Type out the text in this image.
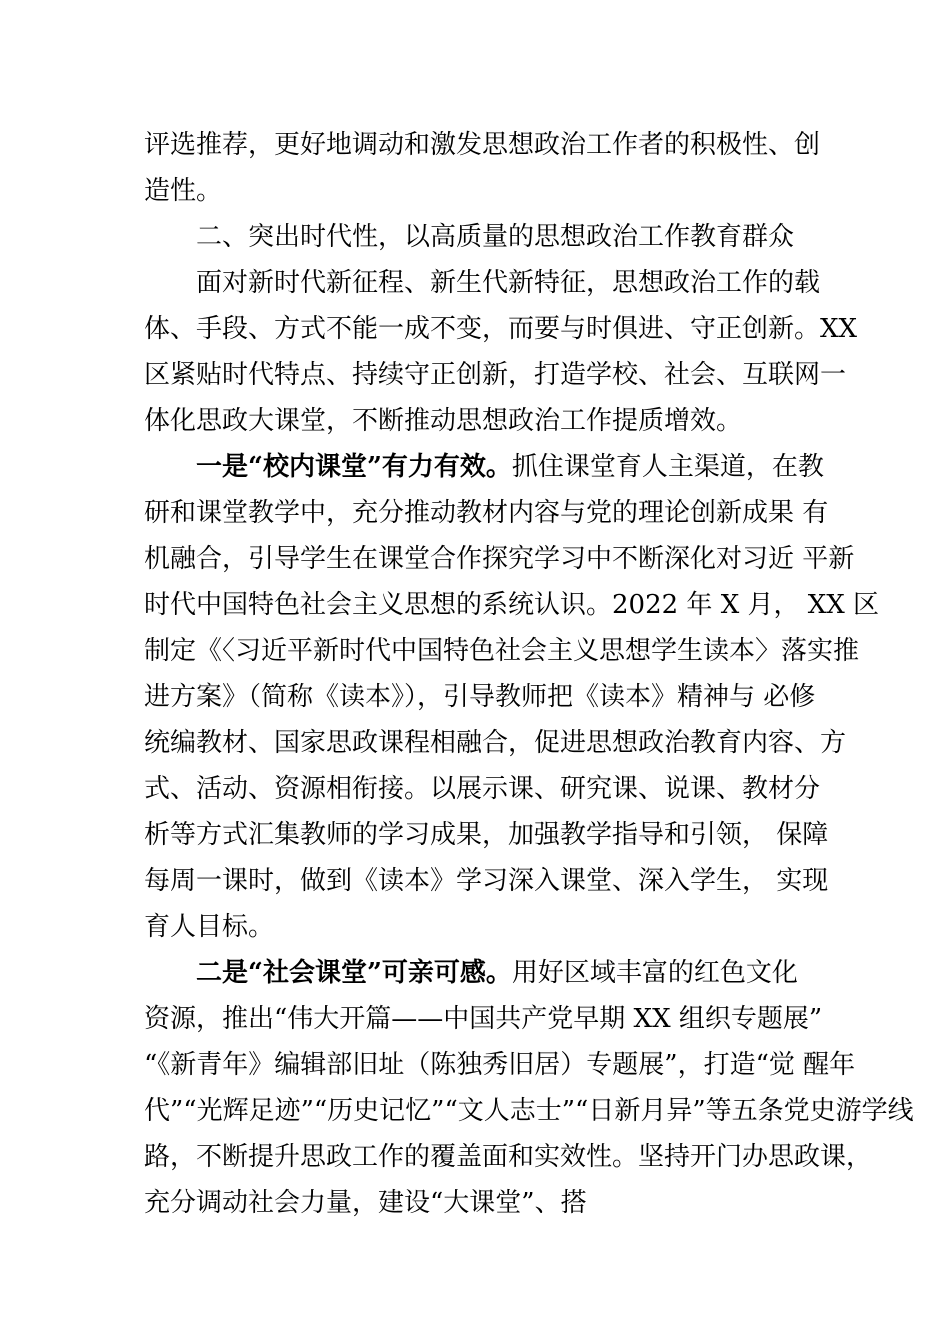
评选推荐，更好地调动和激发思想政治工作者的积极性、创
造性。
二、突出时代性，以高质量的思想政治工作教育群众
面对新时代新征程、新生代新特征，思想政治工作的载
体、手段、方式不能一成不变，而要与时俱进、守正创新。XX
区紧贴时代特点、持续守正创新，打造学校、社会、互联网一
体化思政大课堂，不断推动思想政治工作提质增效。
一是“校内课堂”有力有效。抓住课堂育人主渠道，在教
研和课堂教学中，充分推动教材内容与党的理论创新成果 有
机融合，引导学生在课堂合作探究学习中不断深化对习近 平新
时代中国特色社会主义思想的系统认识。2022 年 X 月， XX 区
制定《〈习近平新时代中国特色社会主义思想学生读本〉落实推
进方案》（简称《读本》），引导教师把《读本》精神与 必修
统编教材、国家思政课程相融合，促进思想政治教育内容、方
式、活动、资源相衔接。以展示课、研究课、说课、教材分
析等方式汇集教师的学习成果，加强教学指导和引领， 保障
每周一课时，做到《读本》学习深入课堂、深入学生， 实现
育人目标。
二是“社会课堂”可亲可感。用好区域丰富的红色文化
资源，推出“伟大开篇——中国共产党早期 XX 组织专题展”
“《新青年》编辑部旧址（陈独秀旧居）专题展”，打造“觉 醒年
代”“光辉足迹”“历史记忆”“文人志士”“日新月异”等五条党史游学线
路，不断提升思政工作的覆盖面和实效性。坚持开门办思政课，
充分调动社会力量，建设“大课堂”、搭
